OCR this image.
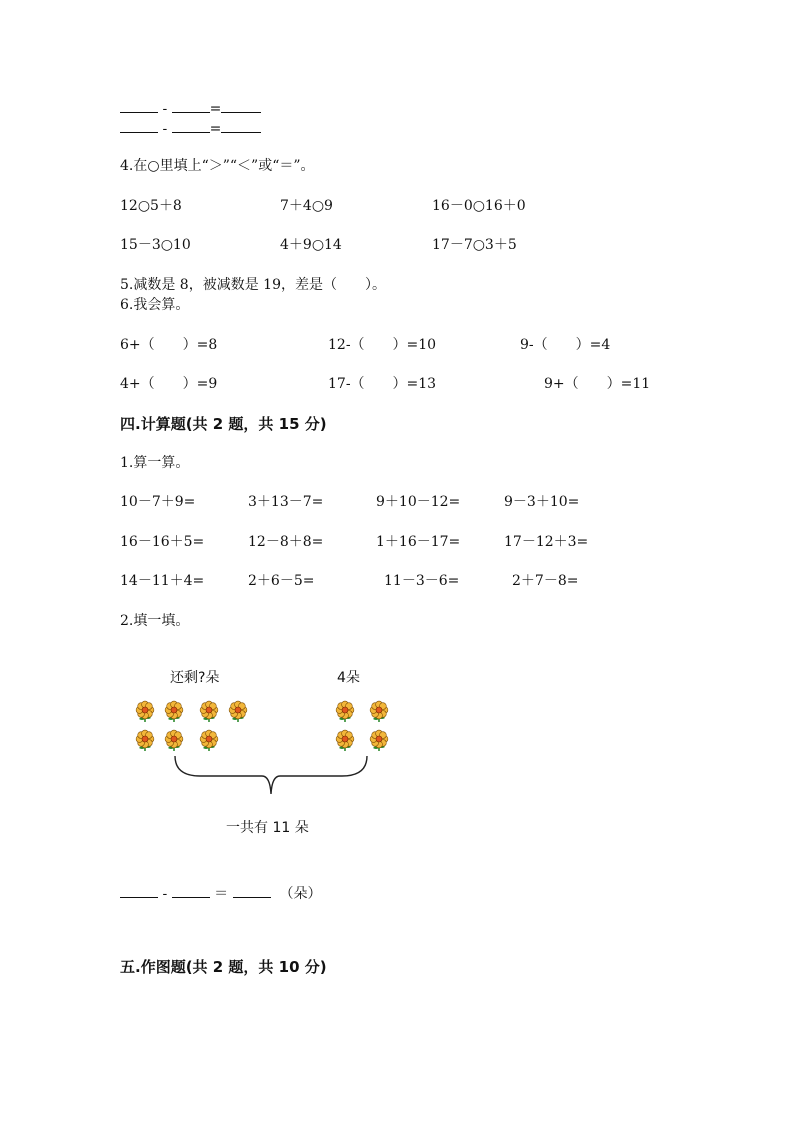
-	=
-	=
4.在○里填上“＞”“＜”或“＝”。
12○5＋8	7＋4○9	16－0○16＋0
15－3○10	4＋9○14	17－7○3＋5
5.减数是 8，被减数是 19，差是（　　）。
6.我会算。
6+（　　）=8	12-（　　）=10	9-（　　）=4
4+（　　）=9	17-（　　）=13	9+（　　）=11
四.计算题(共 2 题，共 15 分)
1.算一算。
10－7＋9=	3＋13－7=	9＋10－12=	9－3＋10=
16－16＋5=	12－8＋8=	1＋16－17=	17－12＋3=
14－11＋4=	2＋6－5=	11－3－6=	2＋7－8=
2.填一填。
还剩?朵	4朵
一共有 11 朵
-	＝	（朵）
五.作图题(共 2 题，共 10 分)
